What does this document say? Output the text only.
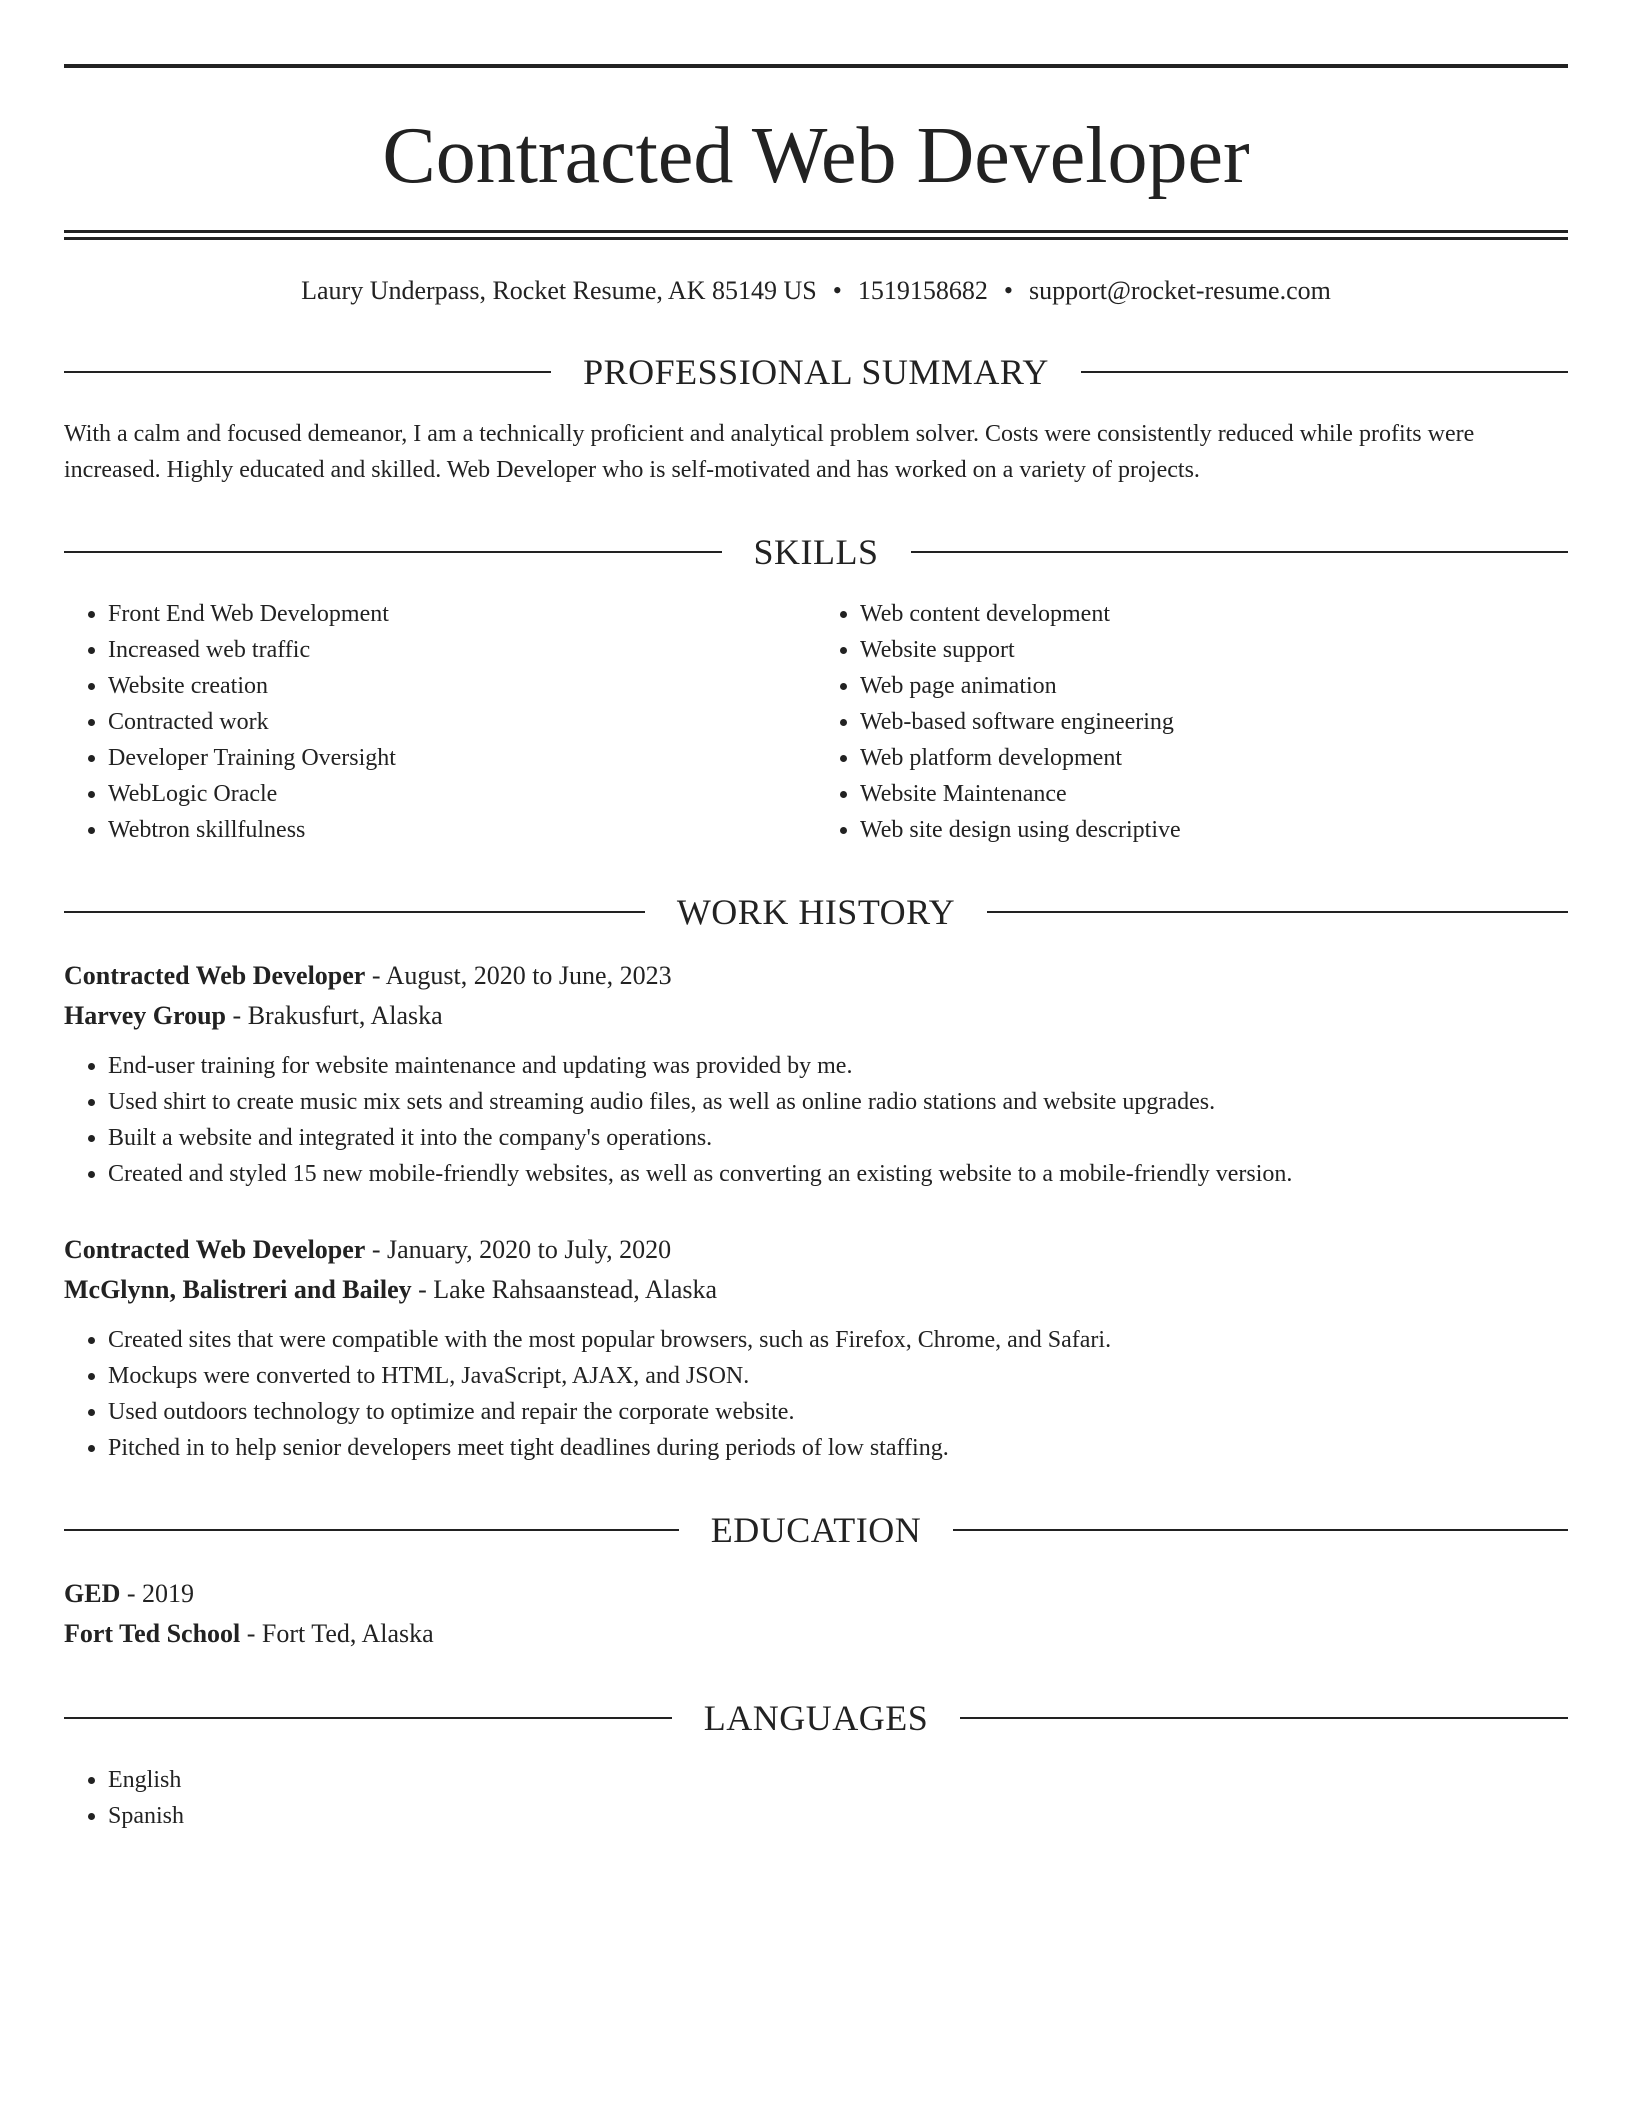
Contracted Web Developer
Laury Underpass, Rocket Resume, AK 85149 US • 1519158682 • support@rocket-resume.com
PROFESSIONAL SUMMARY
With a calm and focused demeanor, I am a technically proficient and analytical problem solver. Costs were consistently reduced while profits were increased. Highly educated and skilled. Web Developer who is self-motivated and has worked on a variety of projects.
SKILLS
• Front End Web Development
• Increased web traffic
• Website creation
• Contracted work
• Developer Training Oversight
• WebLogic Oracle
• Webtron skillfulness
• Web content development
• Website support
• Web page animation
• Web-based software engineering
• Web platform development
• Website Maintenance
• Web site design using descriptive
WORK HISTORY
Contracted Web Developer - August, 2020 to June, 2023
Harvey Group - Brakusfurt, Alaska
• End-user training for website maintenance and updating was provided by me.
• Used shirt to create music mix sets and streaming audio files, as well as online radio stations and website upgrades.
• Built a website and integrated it into the company's operations.
• Created and styled 15 new mobile-friendly websites, as well as converting an existing website to a mobile-friendly version.
Contracted Web Developer - January, 2020 to July, 2020
McGlynn, Balistreri and Bailey - Lake Rahsaanstead, Alaska
• Created sites that were compatible with the most popular browsers, such as Firefox, Chrome, and Safari.
• Mockups were converted to HTML, JavaScript, AJAX, and JSON.
• Used outdoors technology to optimize and repair the corporate website.
• Pitched in to help senior developers meet tight deadlines during periods of low staffing.
EDUCATION
GED - 2019
Fort Ted School - Fort Ted, Alaska
LANGUAGES
• English
• Spanish
